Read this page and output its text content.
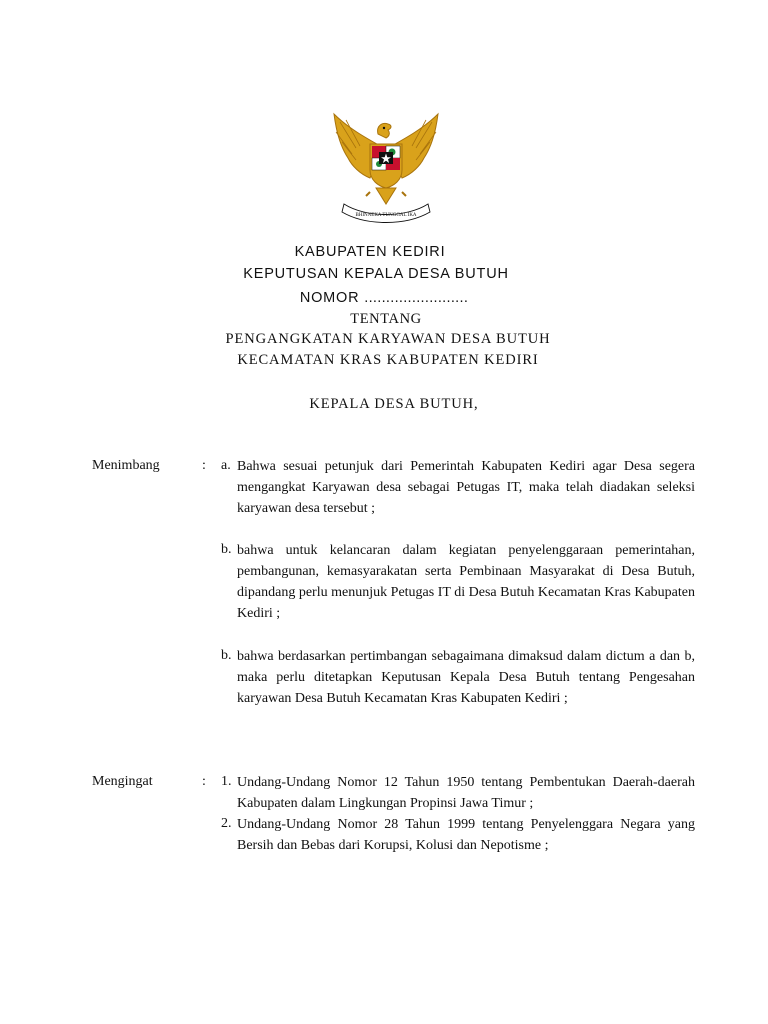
BHINNEKA TUNGGAL IKA
KABUPATEN KEDIRI
KEPUTUSAN KEPALA DESA BUTUH
NOMOR ........................
TENTANG
PENGANGKATAN KARYAWAN DESA BUTUH
KECAMATAN KRAS KABUPATEN KEDIRI
KEPALA DESA BUTUH,
Menimbang	: a. Bahwa sesuai petunjuk dari Pemerintah Kabupaten Kediri agar Desa segera mengangkat Karyawan desa sebagai Petugas IT, maka telah diadakan seleksi karyawan desa tersebut ;
b. bahwa untuk kelancaran dalam kegiatan penyelenggaraan pemerintahan, pembangunan, kemasyarakatan serta Pembinaan Masyarakat di Desa Butuh, dipandang perlu menunjuk Petugas IT di Desa Butuh Kecamatan Kras Kabupaten Kediri ;
b. bahwa berdasarkan pertimbangan sebagaimana dimaksud dalam dictum a dan b, maka perlu ditetapkan Keputusan Kepala Desa Butuh tentang Pengesahan karyawan Desa Butuh Kecamatan Kras Kabupaten Kediri ;
Mengingat	: 1. Undang-Undang Nomor 12 Tahun 1950 tentang Pembentukan Daerah-daerah Kabupaten dalam Lingkungan Propinsi Jawa Timur ;
2. Undang-Undang Nomor 28 Tahun 1999 tentang Penyelenggara Negara yang Bersih dan Bebas dari Korupsi, Kolusi dan Nepotisme ;
